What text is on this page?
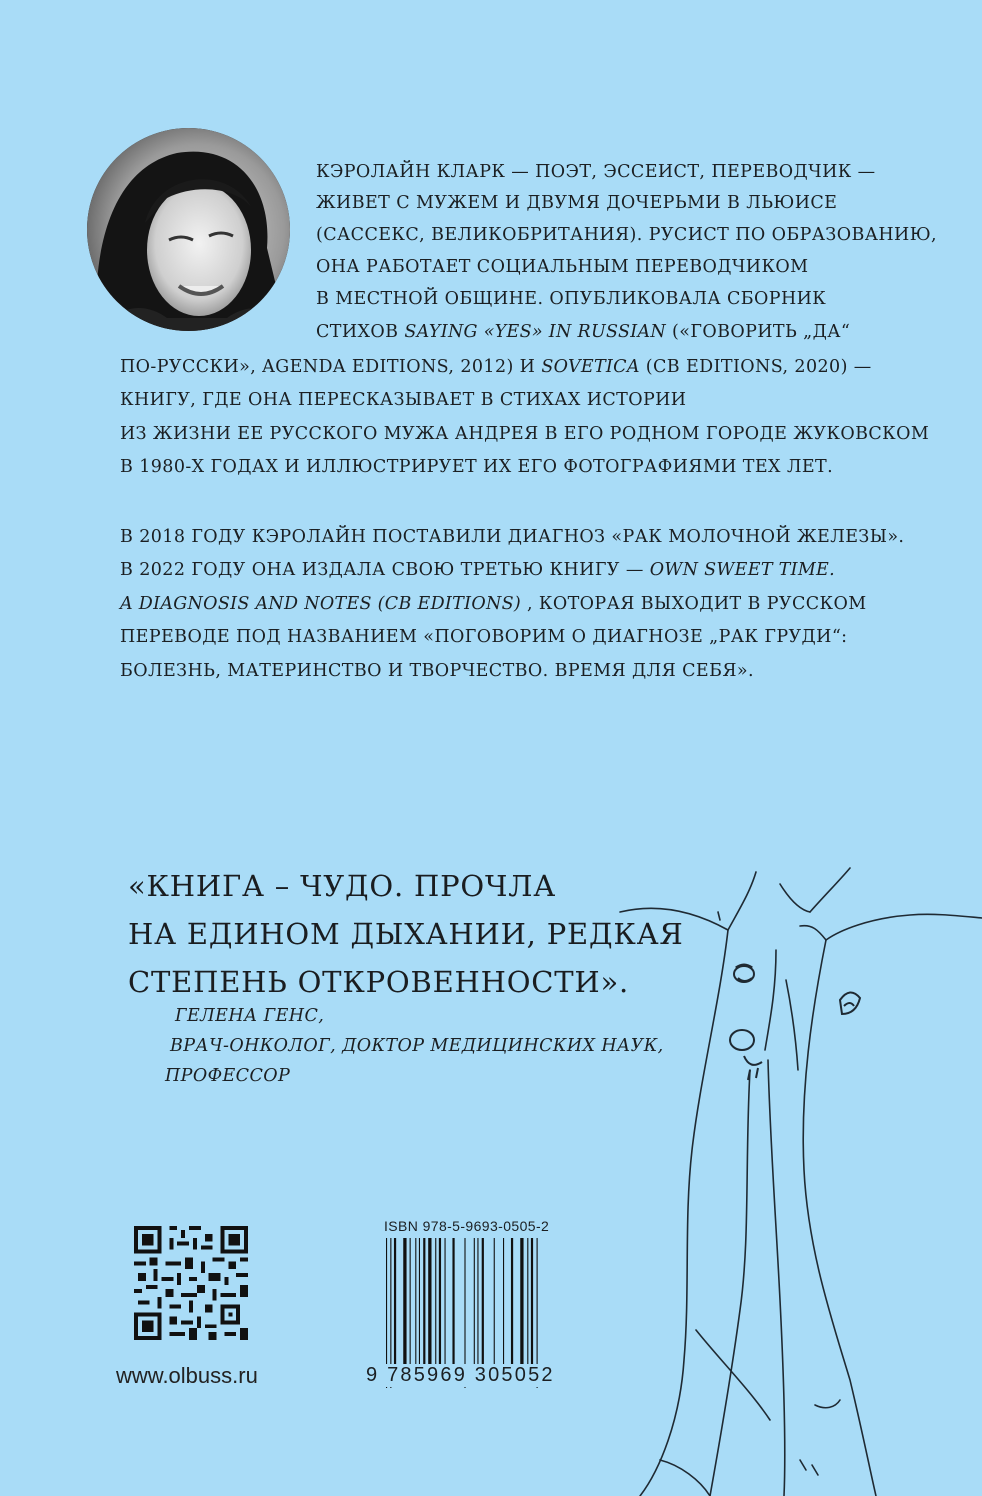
КЭРОЛАЙН КЛАРК — ПОЭТ, ЭССЕИСТ, ПЕРЕВОДЧИК —
ЖИВЕТ С МУЖЕМ И ДВУМЯ ДОЧЕРЬМИ В ЛЬЮИСЕ
(САССЕКС, ВЕЛИКОБРИТАНИЯ). РУСИСТ ПО ОБРАЗОВАНИЮ,
ОНА РАБОТАЕТ СОЦИАЛЬНЫМ ПЕРЕВОДЧИКОМ
В МЕСТНОЙ ОБЩИНЕ. ОПУБЛИКОВАЛА СБОРНИК
СТИХОВ SAYING «YES» IN RUSSIAN («ГОВОРИТЬ „ДА“
ПО-РУССКИ», AGENDA EDITIONS, 2012) И SOVETICA (CB EDITIONS, 2020) —
КНИГУ, ГДЕ ОНА ПЕРЕСКАЗЫВАЕТ В СТИХАХ ИСТОРИИ
ИЗ ЖИЗНИ ЕЕ РУССКОГО МУЖА АНДРЕЯ В ЕГО РОДНОМ ГОРОДЕ ЖУКОВСКОМ
В 1980-Х ГОДАХ И ИЛЛЮСТРИРУЕТ ИХ ЕГО ФОТОГРАФИЯМИ ТЕХ ЛЕТ.
В 2018 ГОДУ КЭРОЛАЙН ПОСТАВИЛИ ДИАГНОЗ «РАК МОЛОЧНОЙ ЖЕЛЕЗЫ».
В 2022 ГОДУ ОНА ИЗДАЛА СВОЮ ТРЕТЬЮ КНИГУ — OWN SWEET TIME.
A DIAGNOSIS AND NOTES (CB EDITIONS) , КОТОРАЯ ВЫХОДИТ В РУССКОМ
ПЕРЕВОДЕ ПОД НАЗВАНИЕМ «ПОГОВОРИМ О ДИАГНОЗЕ „РАК ГРУДИ“:
БОЛЕЗНЬ, МАТЕРИНСТВО И ТВОРЧЕСТВО. ВРЕМЯ ДЛЯ СЕБЯ».
«КНИГА – ЧУДО. ПРОЧЛА
НА ЕДИНОМ ДЫХАНИИ, РЕДКАЯ
СТЕПЕНЬ ОТКРОВЕННОСТИ».
ГЕЛЕНА ГЕНС,
ВРАЧ-ОНКОЛОГ, ДОКТОР МЕДИЦИНСКИХ НАУК,
ПРОФЕССОР
www.olbuss.ru
ISBN 978-5-9693-0505-2
9 785969 305052
